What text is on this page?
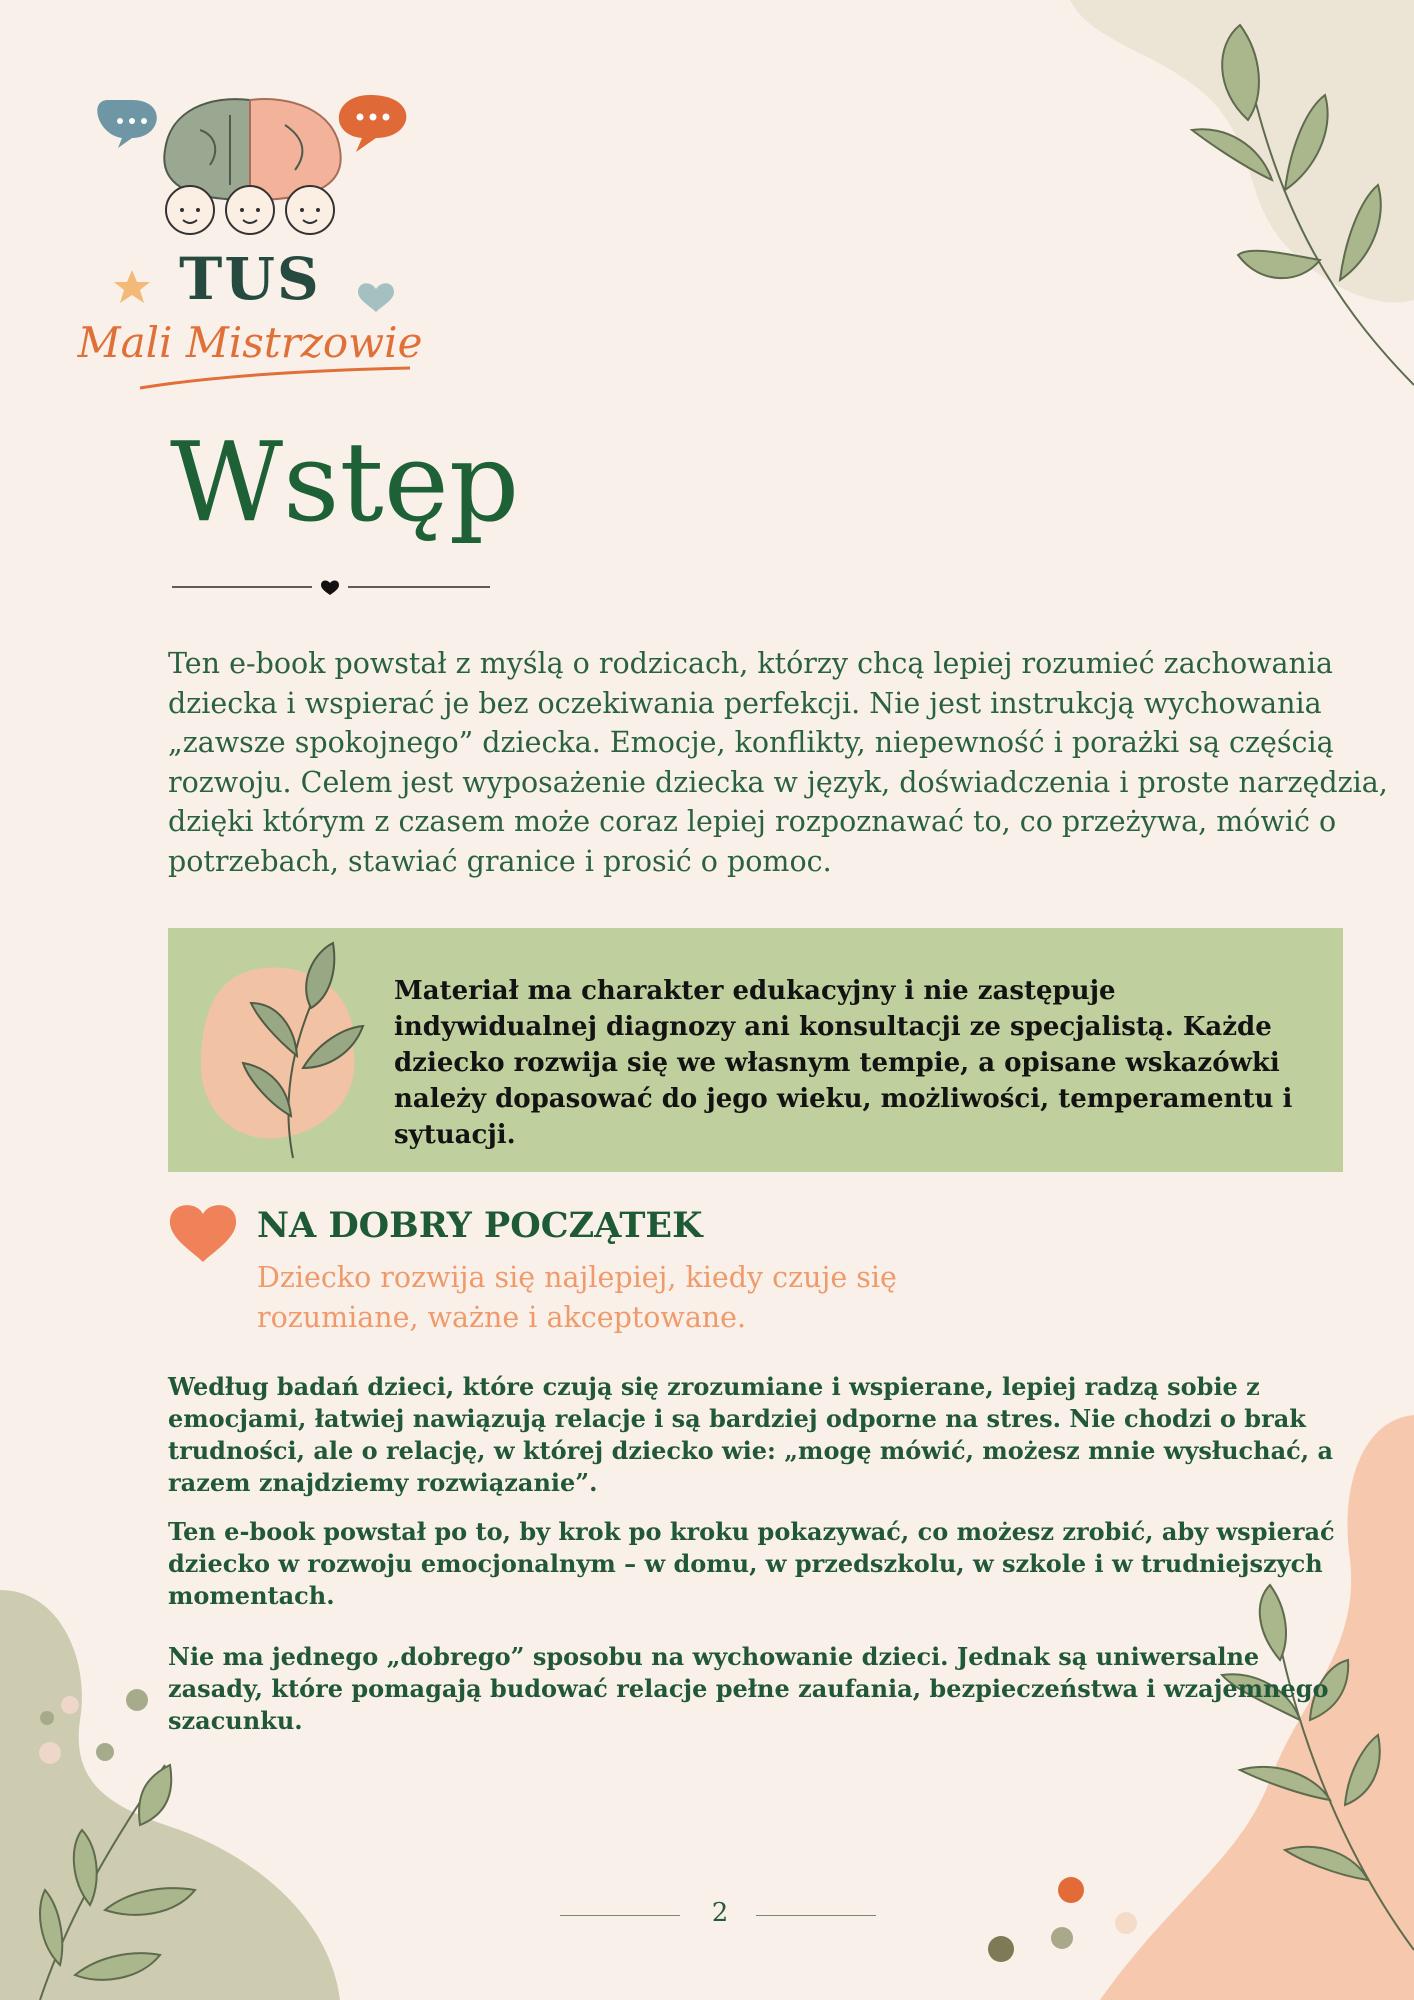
TUS
Mali Mistrzowie
Wstęp

Ten e-book powstał z myślą o rodzicach, którzy chcą lepiej rozumieć zachowania dziecka i wspierać je bez oczekiwania perfekcji. Nie jest instrukcją wychowania „zawsze spokojnego” dziecka. Emocje, konflikty, niepewność i porażki są częścią rozwoju. Celem jest wyposażenie dziecka w język, doświadczenia i proste narzędzia, dzięki którym z czasem może coraz lepiej rozpoznawać to, co przeżywa, mówić o potrzebach, stawiać granice i prosić o pomoc.

Materiał ma charakter edukacyjny i nie zastępuje indywidualnej diagnozy ani konsultacji ze specjalistą. Każde dziecko rozwija się we własnym tempie, a opisane wskazówki należy dopasować do jego wieku, możliwości, temperamentu i sytuacji.

NA DOBRY POCZĄTEK

Dziecko rozwija się najlepiej, kiedy czuje się rozumiane, ważne i akceptowane.

Według badań dzieci, które czują się zrozumiane i wspierane, lepiej radzą sobie z emocjami, łatwiej nawiązują relacje i są bardziej odporne na stres. Nie chodzi o brak trudności, ale o relację, w której dziecko wie: „mogę mówić, możesz mnie wysłuchać, a razem znajdziemy rozwiązanie”.

Ten e-book powstał po to, by krok po kroku pokazywać, co możesz zrobić, aby wspierać dziecko w rozwoju emocjonalnym – w domu, w przedszkolu, w szkole i w trudniejszych momentach.

Nie ma jednego „dobrego” sposobu na wychowanie dzieci. Jednak są uniwersalne zasady, które pomagają budować relacje pełne zaufania, bezpieczeństwa i wzajemnego szacunku.

2
